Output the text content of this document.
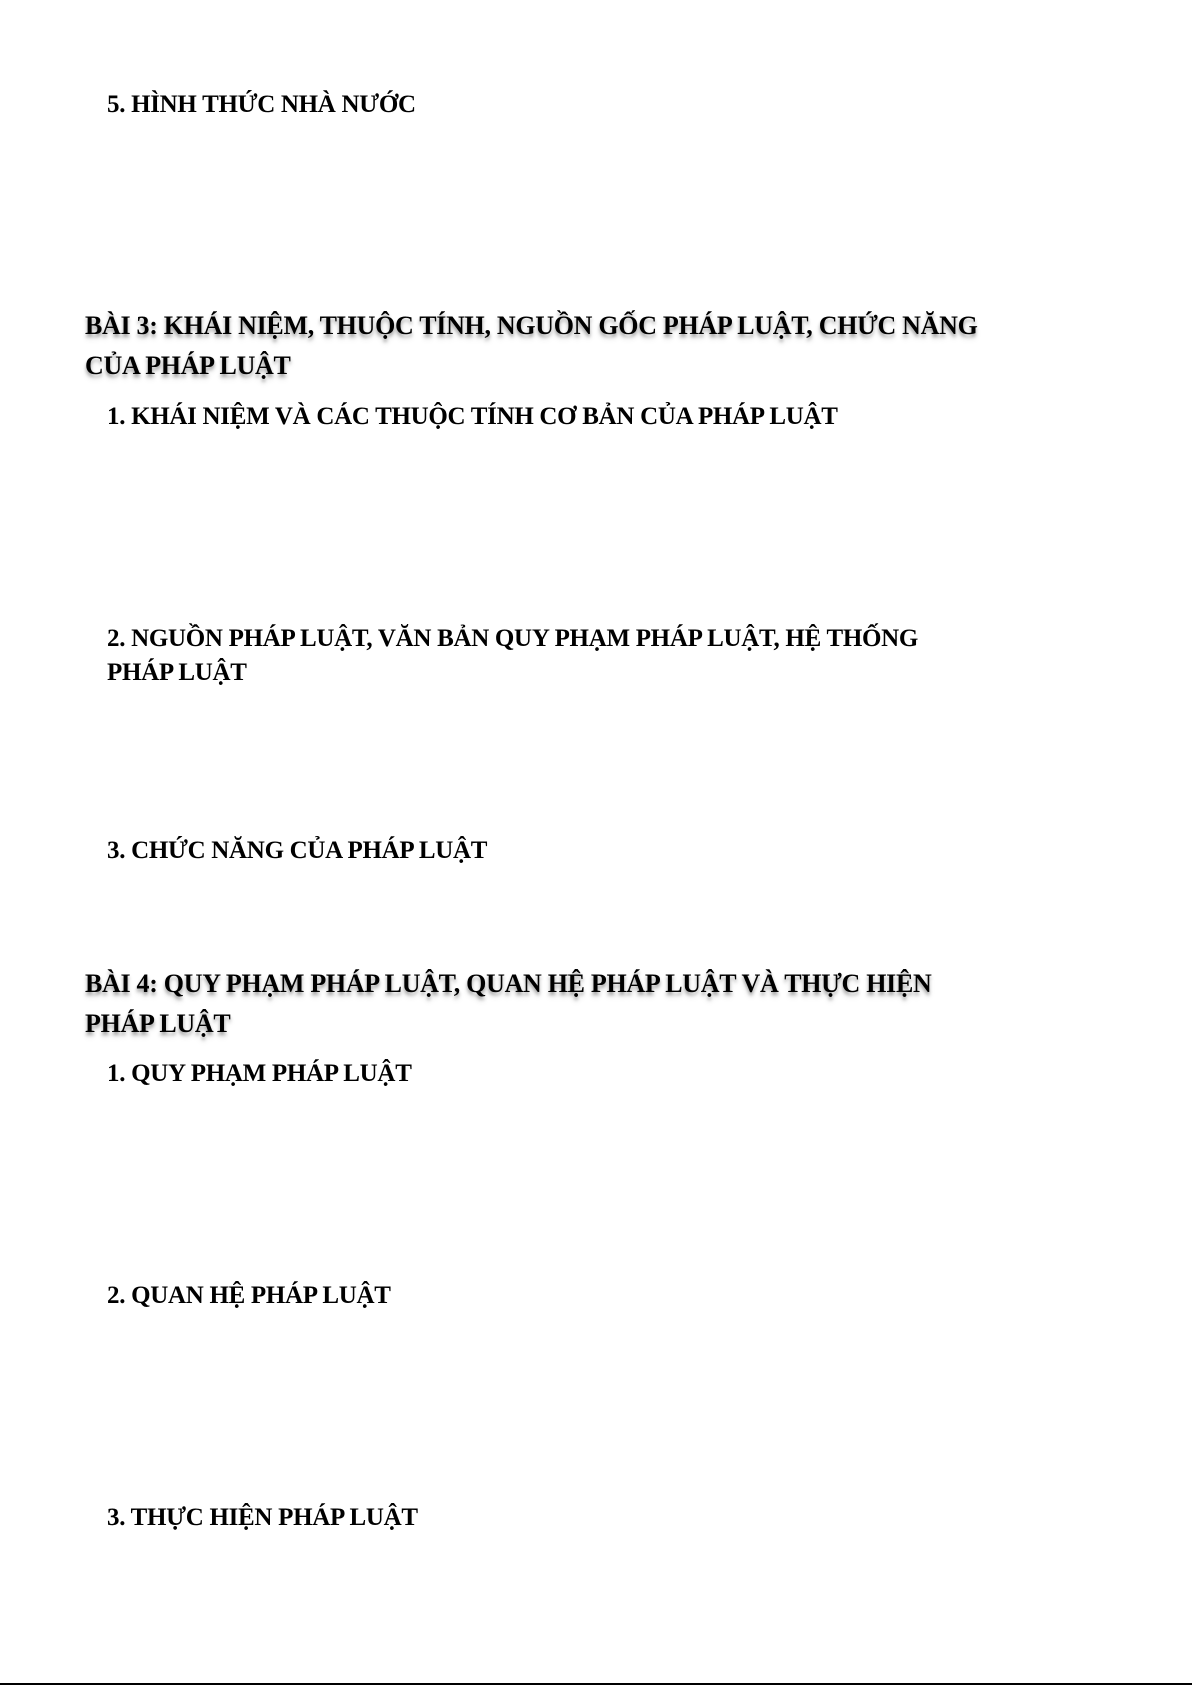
5. HÌNH THỨC NHÀ NƯỚC
BÀI 3: KHÁI NIỆM, THUỘC TÍNH, NGUỒN GỐC PHÁP LUẬT, CHỨC NĂNG
CỦA PHÁP LUẬT
1. KHÁI NIỆM VÀ CÁC THUỘC TÍNH CƠ BẢN CỦA PHÁP LUẬT
2. NGUỒN PHÁP LUẬT, VĂN BẢN QUY PHẠM PHÁP LUẬT, HỆ THỐNG
PHÁP LUẬT
3. CHỨC NĂNG CỦA PHÁP LUẬT
BÀI 4: QUY PHẠM PHÁP LUẬT, QUAN HỆ PHÁP LUẬT VÀ THỰC HIỆN
PHÁP LUẬT
1. QUY PHẠM PHÁP LUẬT
2. QUAN HỆ PHÁP LUẬT
3. THỰC HIỆN PHÁP LUẬT
